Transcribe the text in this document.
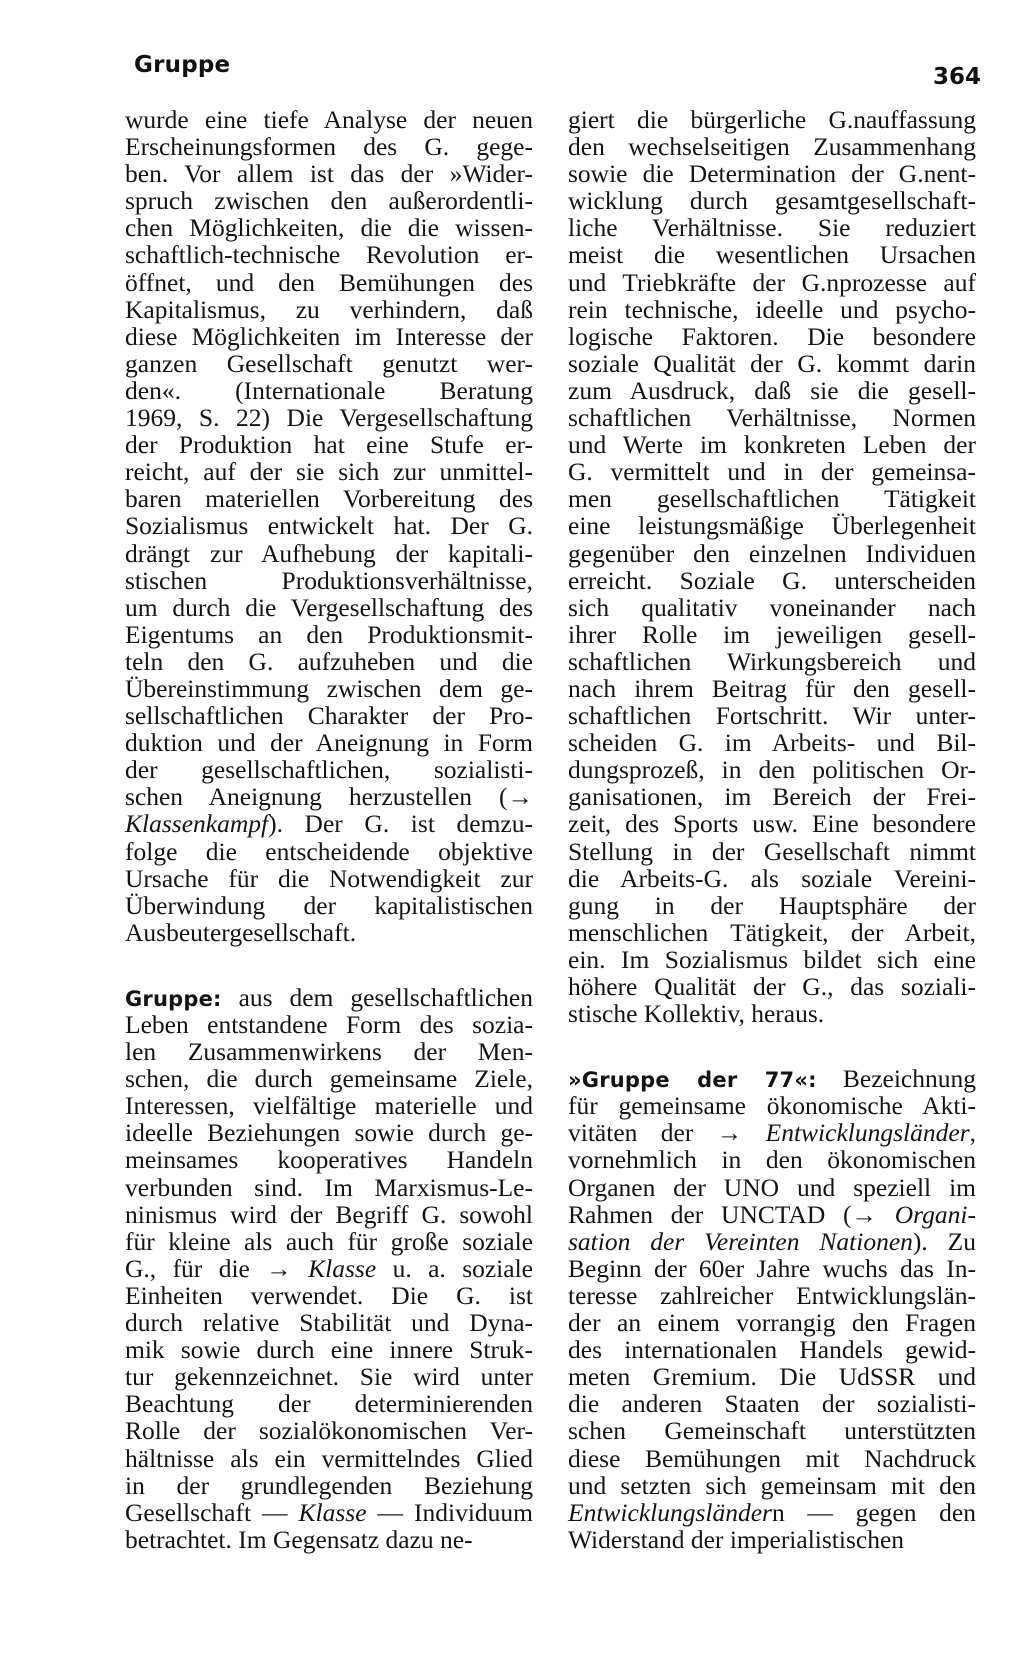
Gruppe	364
wurde eine tiefe Analyse der neuen
Erscheinungsformen des G. gege-
ben. Vor allem ist das der »Wider-
spruch zwischen den außerordentli-
chen Möglichkeiten, die die wissen-
schaftlich-technische Revolution er-
öffnet, und den Bemühungen des
Kapitalismus, zu verhindern, daß
diese Möglichkeiten im Interesse der
ganzen Gesellschaft genutzt wer-
den«. (Internationale Beratung
1969, S. 22) Die Vergesellschaftung
der Produktion hat eine Stufe er-
reicht, auf der sie sich zur unmittel-
baren materiellen Vorbereitung des
Sozialismus entwickelt hat. Der G.
drängt zur Aufhebung der kapitali-
stischen Produktionsverhältnisse,
um durch die Vergesellschaftung des
Eigentums an den Produktionsmit-
teln den G. aufzuheben und die
Übereinstimmung zwischen dem ge-
sellschaftlichen Charakter der Pro-
duktion und der Aneignung in Form
der gesellschaftlichen, sozialisti-
schen Aneignung herzustellen (→
Klassenkampf). Der G. ist demzu-
folge die entscheidende objektive
Ursache für die Notwendigkeit zur
Überwindung der kapitalistischen
Ausbeutergesellschaft.
Gruppe: aus dem gesellschaftlichen
Leben entstandene Form des sozia-
len Zusammenwirkens der Men-
schen, die durch gemeinsame Ziele,
Interessen, vielfältige materielle und
ideelle Beziehungen sowie durch ge-
meinsames kooperatives Handeln
verbunden sind. Im Marxismus-Le-
ninismus wird der Begriff G. sowohl
für kleine als auch für große soziale
G., für die → Klasse u. a. soziale
Einheiten verwendet. Die G. ist
durch relative Stabilität und Dyna-
mik sowie durch eine innere Struk-
tur gekennzeichnet. Sie wird unter
Beachtung der determinierenden
Rolle der sozialökonomischen Ver-
hältnisse als ein vermittelndes Glied
in der grundlegenden Beziehung
Gesellschaft — Klasse — Individuum
betrachtet. Im Gegensatz dazu ne-
giert die bürgerliche G.nauffassung
den wechselseitigen Zusammenhang
sowie die Determination der G.nent-
wicklung durch gesamtgesellschaft-
liche Verhältnisse. Sie reduziert
meist die wesentlichen Ursachen
und Triebkräfte der G.nprozesse auf
rein technische, ideelle und psycho-
logische Faktoren. Die besondere
soziale Qualität der G. kommt darin
zum Ausdruck, daß sie die gesell-
schaftlichen Verhältnisse, Normen
und Werte im konkreten Leben der
G. vermittelt und in der gemeinsa-
men gesellschaftlichen Tätigkeit
eine leistungsmäßige Überlegenheit
gegenüber den einzelnen Individuen
erreicht. Soziale G. unterscheiden
sich qualitativ voneinander nach
ihrer Rolle im jeweiligen gesell-
schaftlichen Wirkungsbereich und
nach ihrem Beitrag für den gesell-
schaftlichen Fortschritt. Wir unter-
scheiden G. im Arbeits- und Bil-
dungsprozeß, in den politischen Or-
ganisationen, im Bereich der Frei-
zeit, des Sports usw. Eine besondere
Stellung in der Gesellschaft nimmt
die Arbeits-G. als soziale Vereini-
gung in der Hauptsphäre der
menschlichen Tätigkeit, der Arbeit,
ein. Im Sozialismus bildet sich eine
höhere Qualität der G., das soziali-
stische Kollektiv, heraus.
»Gruppe der 77«: Bezeichnung
für gemeinsame ökonomische Akti-
vitäten der → Entwicklungsländer,
vornehmlich in den ökonomischen
Organen der UNO und speziell im
Rahmen der UNCTAD (→ Organi-
sation der Vereinten Nationen). Zu
Beginn der 60er Jahre wuchs das In-
teresse zahlreicher Entwicklungslän-
der an einem vorrangig den Fragen
des internationalen Handels gewid-
meten Gremium. Die UdSSR und
die anderen Staaten der sozialisti-
schen Gemeinschaft unterstützten
diese Bemühungen mit Nachdruck
und setzten sich gemeinsam mit den
Entwicklungsländern — gegen den
Widerstand der imperialistischen
